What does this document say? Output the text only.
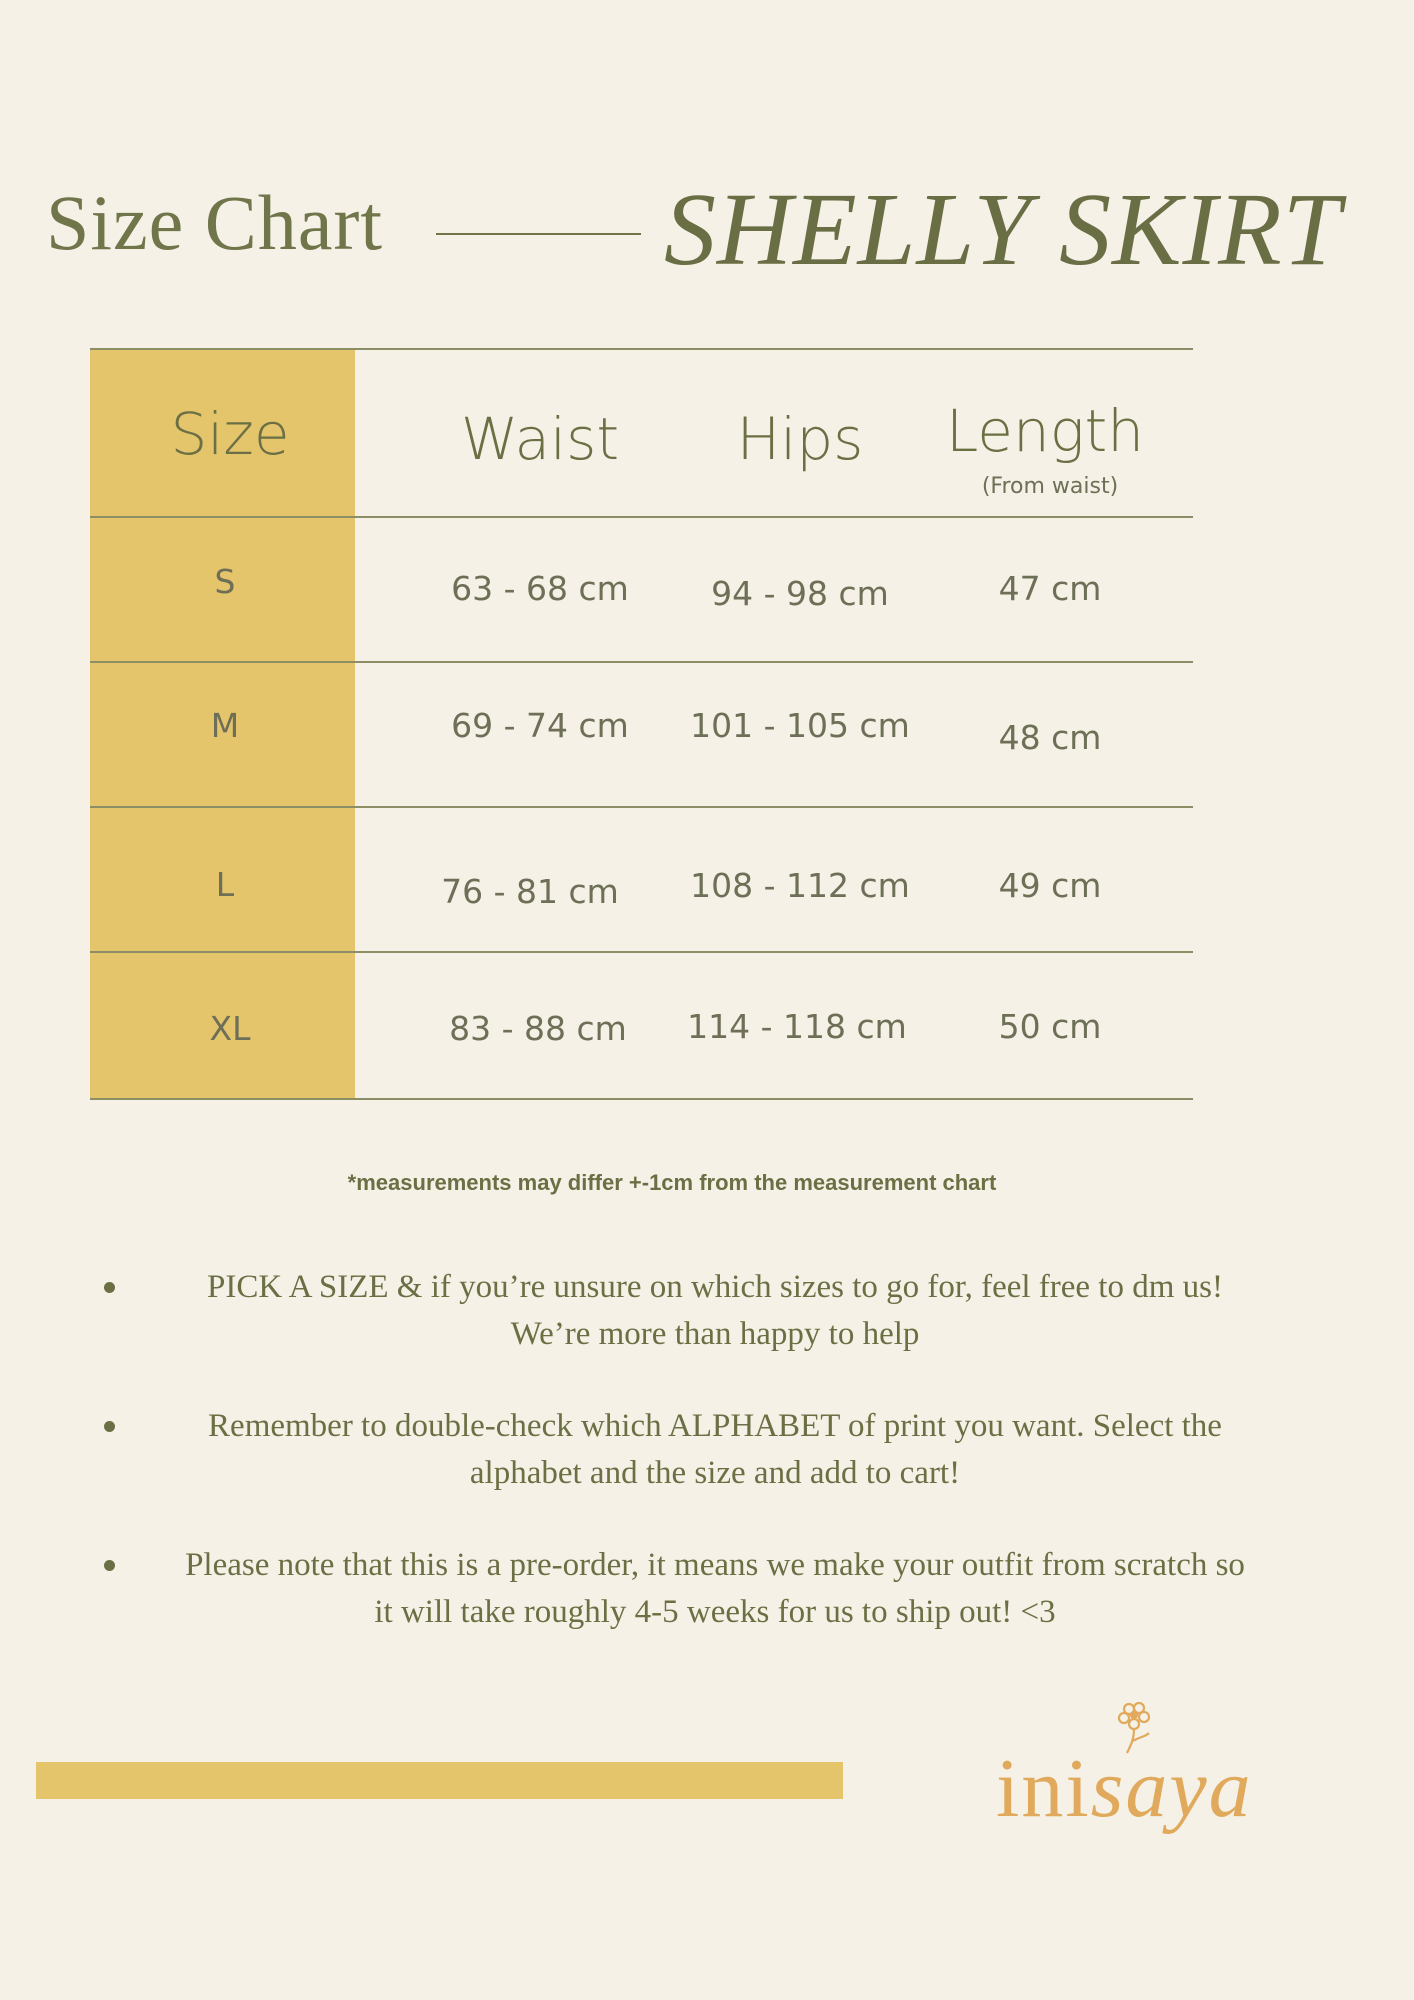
Size Chart	SHELLY SKIRT
Size	Waist	Hips	Length
(From waist)
S	63 - 68 cm	94 - 98 cm	47 cm
M	69 - 74 cm	101 - 105 cm	48 cm
L	76 - 81 cm	108 - 112 cm	49 cm
XL	83 - 88 cm	114 - 118 cm	50 cm
*measurements may differ +-1cm from the measurement chart
PICK A SIZE & if you’re unsure on which sizes to go for, feel free to dm us!
We’re more than happy to help
Remember to double-check which ALPHABET of print you want. Select the
alphabet and the size and add to cart!
Please note that this is a pre-order, it means we make your outfit from scratch so
it will take roughly 4-5 weeks for us to ship out! <3
inisaya
